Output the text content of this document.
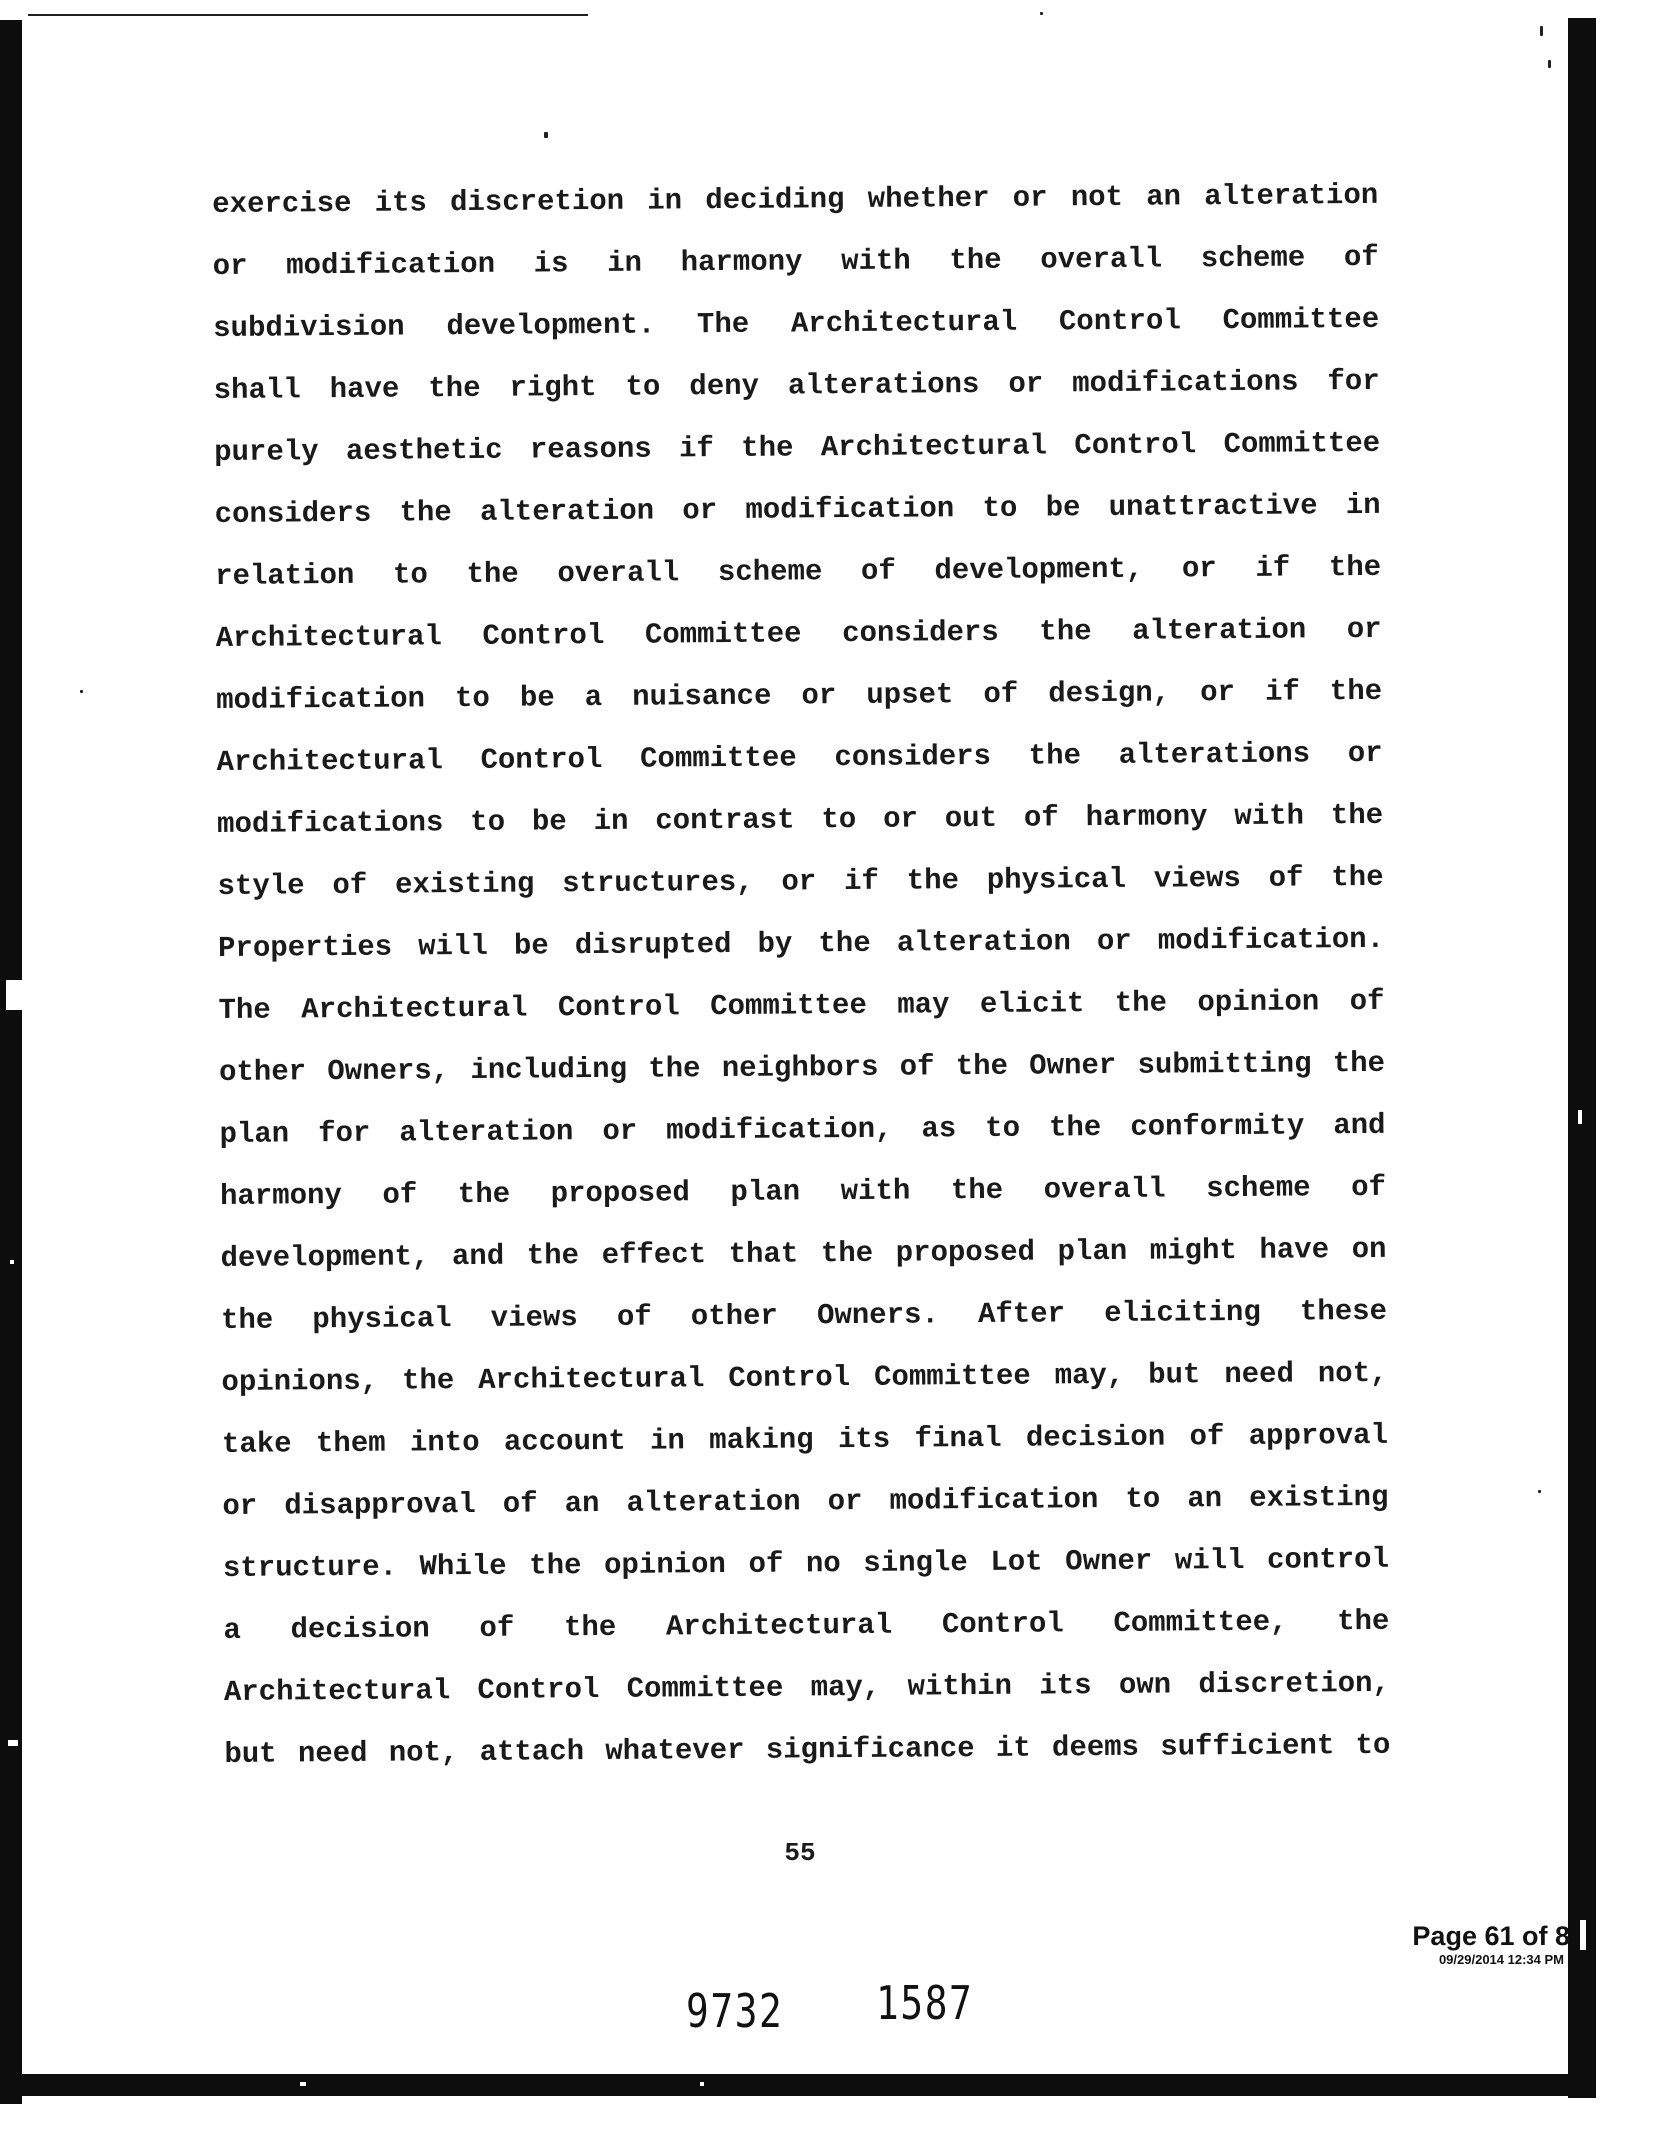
exercise its discretion in deciding whether or not an alteration
or modification is in harmony with the overall scheme of
subdivision development. The Architectural Control Committee
shall have the right to deny alterations or modifications for
purely aesthetic reasons if the Architectural Control Committee
considers the alteration or modification to be unattractive in
relation to the overall scheme of development, or if the
Architectural Control Committee considers the alteration or
modification to be a nuisance or upset of design, or if the
Architectural Control Committee considers the alterations or
modifications to be in contrast to or out of harmony with the
style of existing structures, or if the physical views of the
Properties will be disrupted by the alteration or modification.
The Architectural Control Committee may elicit the opinion of
other Owners, including the neighbors of the Owner submitting the
plan for alteration or modification, as to the conformity and
harmony of the proposed plan with the overall scheme of
development, and the effect that the proposed plan might have on
the physical views of other Owners. After eliciting these
opinions, the Architectural Control Committee may, but need not,
take them into account in making its final decision of approval
or disapproval of an alteration or modification to an existing
structure. While the opinion of no single Lot Owner will control
a decision of the Architectural Control Committee, the
Architectural Control Committee may, within its own discretion,
but need not, attach whatever significance it deems sufficient to
55
Page 61 of 8
09/29/2014 12:34 PM
9732 1587
